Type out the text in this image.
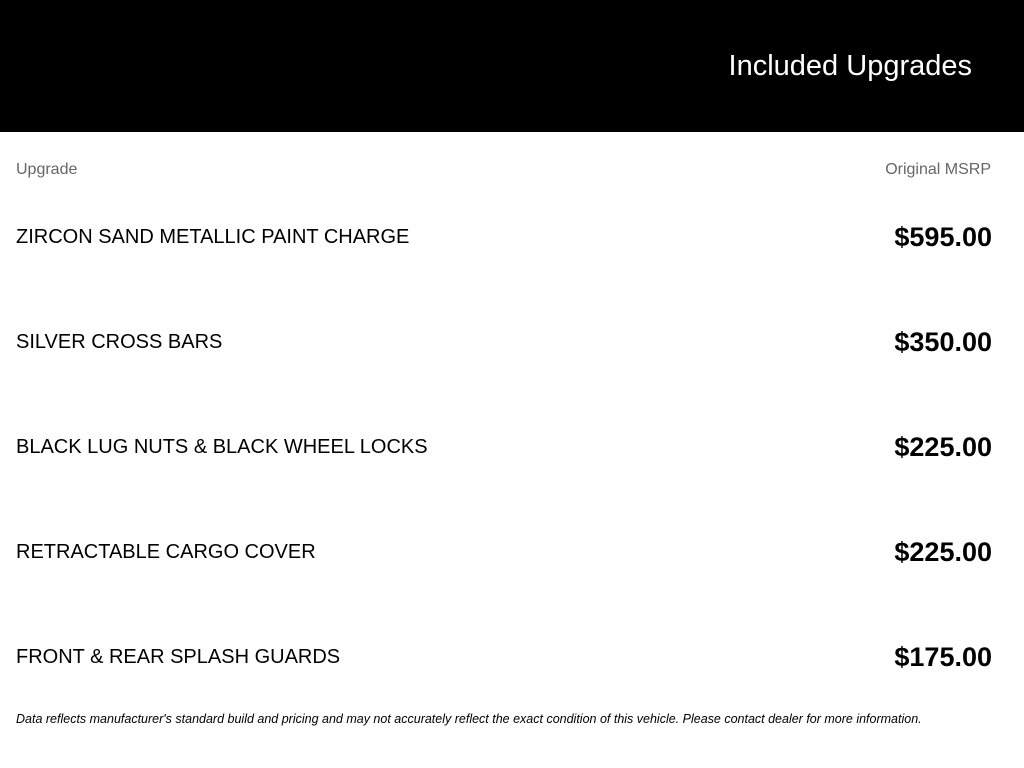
Included Upgrades
Upgrade	Original MSRP
ZIRCON SAND METALLIC PAINT CHARGE	$595.00
SILVER CROSS BARS	$350.00
BLACK LUG NUTS & BLACK WHEEL LOCKS	$225.00
RETRACTABLE CARGO COVER	$225.00
FRONT & REAR SPLASH GUARDS	$175.00
Data reflects manufacturer's standard build and pricing and may not accurately reflect the exact condition of this vehicle. Please contact dealer for more information.
